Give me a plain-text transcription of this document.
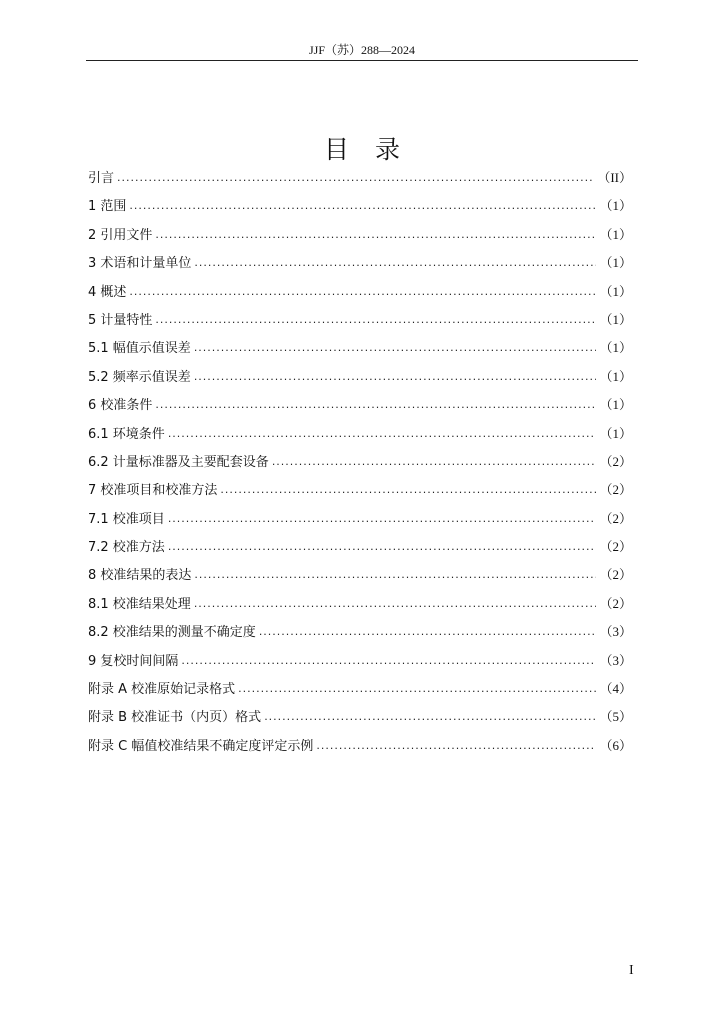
JJF（苏）288—2024
目录
引言 .....	（II）
1 范围 .....	（1）
2 引用文件 .....	（1）
3 术语和计量单位 .....	（1）
4 概述 .....	（1）
5 计量特性 .....	（1）
5.1 幅值示值误差 .....	（1）
5.2 频率示值误差 .....	（1）
6 校准条件 .....	（1）
6.1 环境条件 .....	（1）
6.2 计量标准器及主要配套设备 .....	（2）
7 校准项目和校准方法 .....	（2）
7.1 校准项目 .....	（2）
7.2 校准方法 .....	（2）
8 校准结果的表达 .....	（2）
8.1 校准结果处理 .....	（2）
8.2 校准结果的测量不确定度 .....	（3）
9 复校时间间隔 .....	（3）
附录 A 校准原始记录格式 .....	（4）
附录 B 校准证书（内页）格式 .....	（5）
附录 C 幅值校准结果不确定度评定示例 .....	（6）
I
